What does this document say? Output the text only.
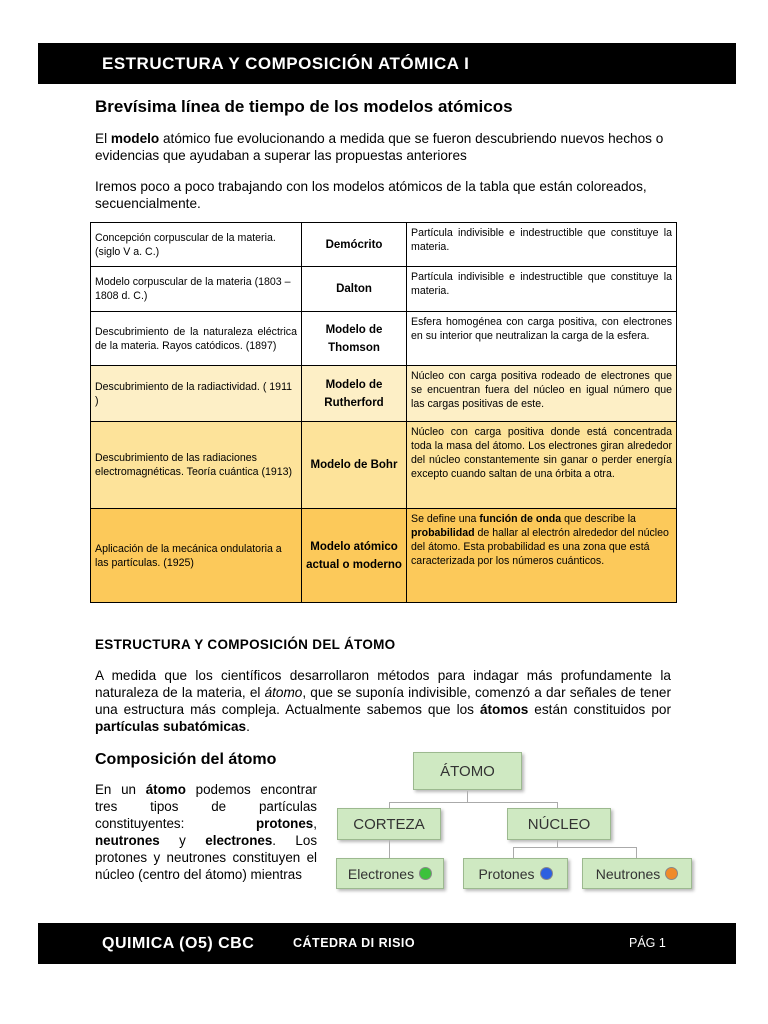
ESTRUCTURA Y COMPOSICIÓN ATÓMICA I
Brevísima línea de tiempo de los modelos atómicos

El modelo atómico fue evolucionando a medida que se fueron descubriendo nuevos hechos o evidencias que ayudaban a superar las propuestas anteriores

Iremos poco a poco trabajando con los modelos atómicos de la tabla que están coloreados, secuencialmente.

Concepción corpuscular de la materia. (siglo V a. C.)	Demócrito	Partícula indivisible e indestructible que constituye la materia.
Modelo corpuscular de la materia (1803 – 1808 d. C.)	Dalton	Partícula indivisible e indestructible que constituye la materia.
Descubrimiento de la naturaleza eléctrica de la materia. Rayos catódicos. (1897)	Modelo de Thomson	Esfera homogénea con carga positiva, con electrones en su interior que neutralizan la carga de la esfera.
Descubrimiento de la radiactividad. ( 1911 )	Modelo de Rutherford	Núcleo con carga positiva rodeado de electrones que se encuentran fuera del núcleo en igual número que las cargas positivas de este.
Descubrimiento de las radiaciones electromagnéticas. Teoría cuántica (1913)	Modelo de Bohr	Núcleo con carga positiva donde está concentrada toda la masa del átomo. Los electrones giran alrededor del núcleo constantemente sin ganar o perder energía excepto cuando saltan de una órbita a otra.
Aplicación de la mecánica ondulatoria a las partículas. (1925)	Modelo atómico actual o moderno	Se define una función de onda que describe la probabilidad de hallar al electrón alrededor del núcleo del átomo. Esta probabilidad es una zona que está caracterizada por los números cuánticos.
ESTRUCTURA Y COMPOSICIÓN DEL ÁTOMO

A medida que los científicos desarrollaron métodos para indagar más profundamente la naturaleza de la materia, el átomo, que se suponía indivisible, comenzó a dar señales de tener una estructura más compleja. Actualmente sabemos que los átomos están constituidos por partículas subatómicas.

Composición del átomo

En un átomo podemos encontrar tres tipos de partículas constituyentes: protones, neutrones y electrones. Los protones y neutrones constituyen el núcleo (centro del átomo) mientras

ÁTOMO
CORTEZA	NÚCLEO
Electrones	Protones	Neutrones
QUIMICA (O5) CBC	CÁTEDRA DI RISIO	PÁG 1
